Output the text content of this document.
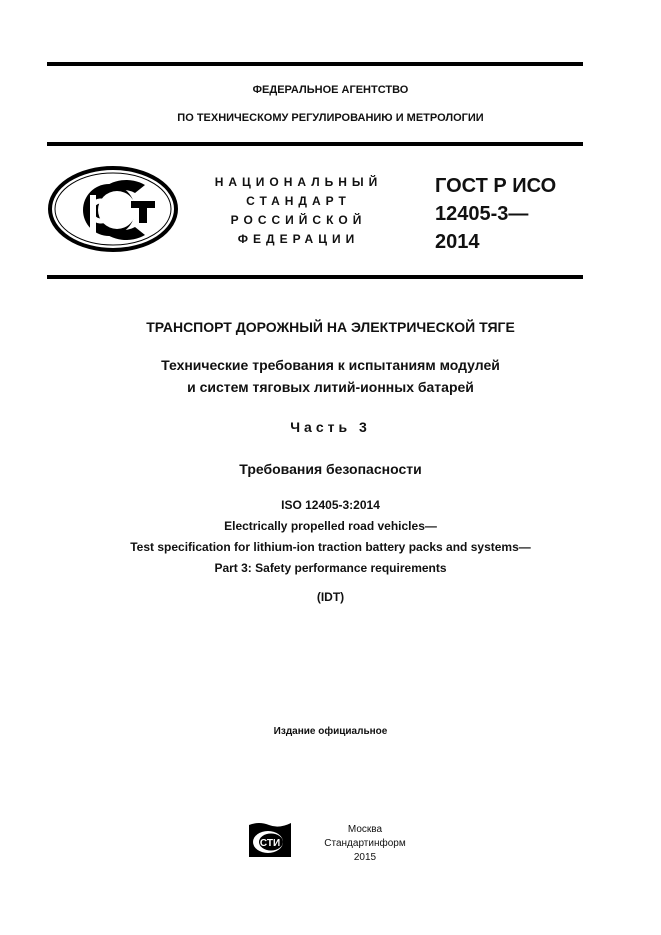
ФЕДЕРАЛЬНОЕ АГЕНТСТВО
ПО ТЕХНИЧЕСКОМУ РЕГУЛИРОВАНИЮ И МЕТРОЛОГИИ
НАЦИОНАЛЬНЫЙ
СТАНДАРТ
РОССИЙСКОЙ
ФЕДЕРАЦИИ
ГОСТ Р ИСО
12405-3—
2014
ТРАНСПОРТ ДОРОЖНЫЙ НА ЭЛЕКТРИЧЕСКОЙ ТЯГЕ
Технические требования к испытаниям модулей
и систем тяговых литий-ионных батарей
Часть 3
Требования безопасности
ISO 12405-3:2014
Electrically propelled road vehicles—
Test specification for lithium-ion traction battery packs and systems—
Part 3: Safety performance requirements
(IDT)
Издание официальное
СТИ
Москва
Стандартинформ
2015
